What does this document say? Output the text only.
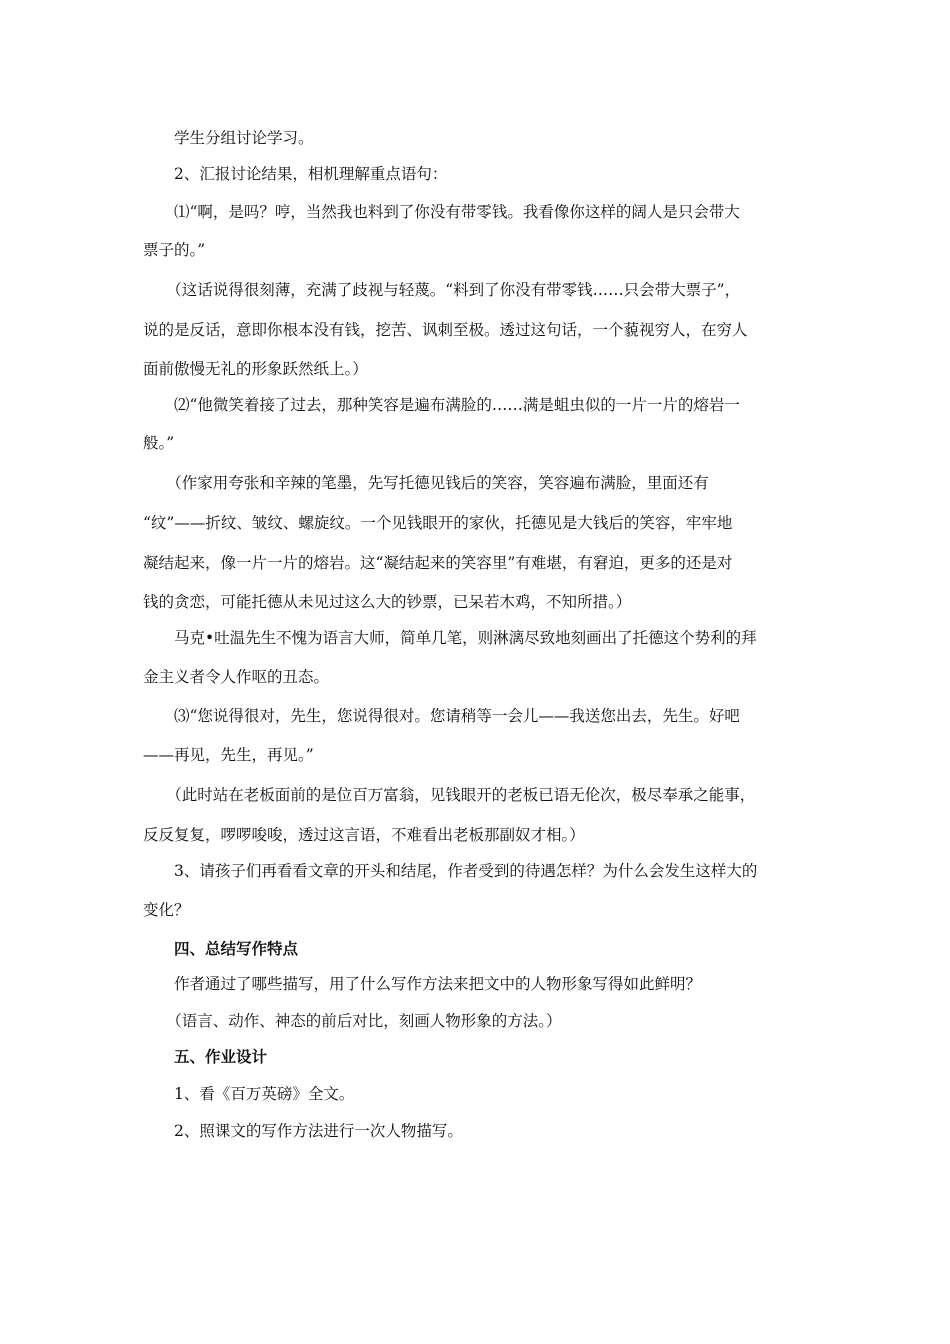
　　学生分组讨论学习。

　　2、汇报讨论结果，相机理解重点语句：

　　⑴“啊，是吗？哼，当然我也料到了你没有带零钱。我看像你这样的阔人是只会带大

票子的。”

　　（这话说得很刻薄，充满了歧视与轻蔑。“料到了你没有带零钱……只会带大票子”，

说的是反话，意即你根本没有钱，挖苦、讽刺至极。透过这句话，一个藐视穷人，在穷人

面前傲慢无礼的形象跃然纸上。）

　　⑵“他微笑着接了过去，那种笑容是遍布满脸的……满是蛆虫似的一片一片的熔岩一

般。”

　　（作家用夸张和辛辣的笔墨，先写托德见钱后的笑容，笑容遍布满脸，里面还有

“纹”——折纹、皱纹、螺旋纹。一个见钱眼开的家伙，托德见是大钱后的笑容，牢牢地

凝结起来，像一片一片的熔岩。这“凝结起来的笑容里”有难堪，有窘迫，更多的还是对

钱的贪恋，可能托德从未见过这么大的钞票，已呆若木鸡，不知所措。）

　　马克•吐温先生不愧为语言大师，简单几笔，则淋漓尽致地刻画出了托德这个势利的拜

金主义者令人作呕的丑态。

　　⑶“您说得很对，先生，您说得很对。您请稍等一会儿——我送您出去，先生。好吧

——再见，先生，再见。”

　　（此时站在老板面前的是位百万富翁，见钱眼开的老板已语无伦次，极尽奉承之能事，

反反复复，啰啰唆唆，透过这言语，不难看出老板那副奴才相。）

　　3、请孩子们再看看文章的开头和结尾，作者受到的待遇怎样？为什么会发生这样大的

变化？

　　四、总结写作特点

　　作者通过了哪些描写，用了什么写作方法来把文中的人物形象写得如此鲜明？

　　（语言、动作、神态的前后对比，刻画人物形象的方法。）

　　五、作业设计

　　1、看《百万英磅》全文。

　　2、照课文的写作方法进行一次人物描写。
